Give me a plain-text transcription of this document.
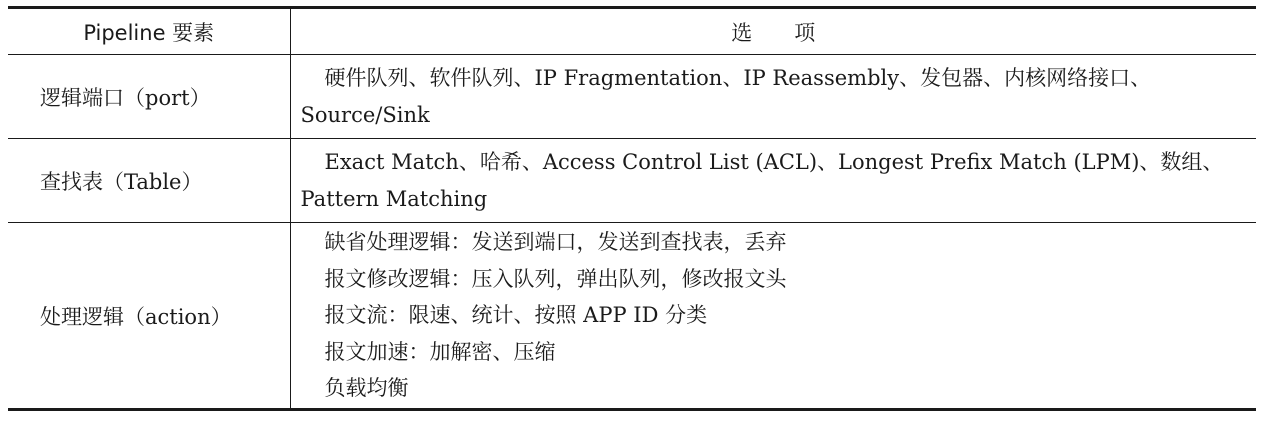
Pipeline 要素	选　　项
逻辑端口（port）	硬件队列、软件队列、IP Fragmentation、IP Reassembly、发包器、内核网络接口、
Source/Sink

查找表（Table）	Exact Match、哈希、Access Control List (ACL)、Longest Prefix Match (LPM)、数组、
Pattern Matching

处理逻辑（action）	缺省处理逻辑：发送到端口，发送到查找表，丢弃
报文修改逻辑：压入队列，弹出队列，修改报文头
报文流：限速、统计、按照 APP ID 分类
报文加速：加解密、压缩
负载均衡
